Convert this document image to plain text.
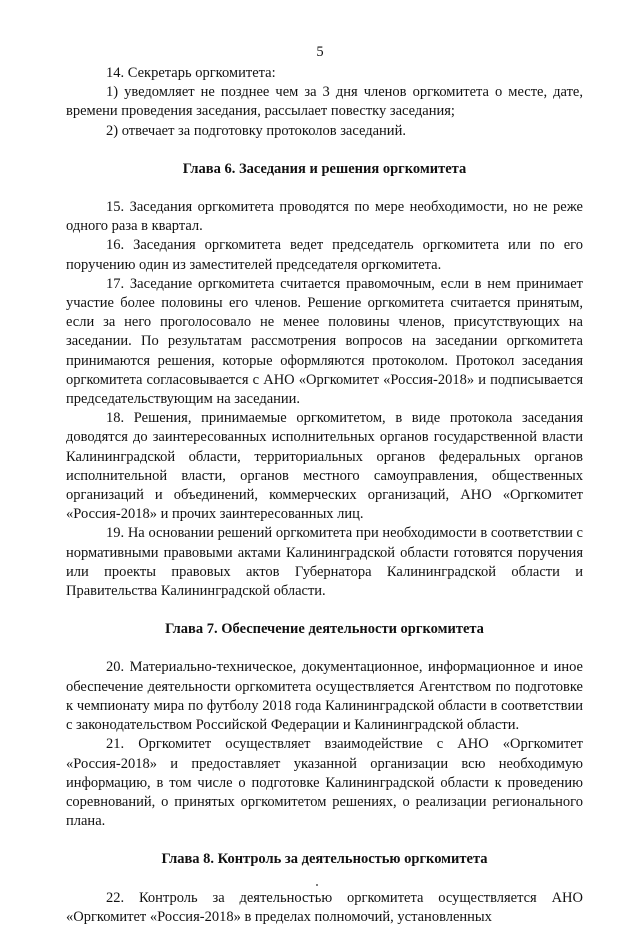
5

14. Секретарь оргкомитета:

1) уведомляет не позднее чем за 3 дня членов оргкомитета о месте, дате, времени проведения заседания, рассылает повестку заседания;

2) отвечает за подготовку протоколов заседаний.

Глава 6. Заседания и решения оргкомитета

15. Заседания оргкомитета проводятся по мере необходимости, но не реже одного раза в квартал.

16. Заседания оргкомитета ведет председатель оргкомитета или по его поручению один из заместителей председателя оргкомитета.

17. Заседание оргкомитета считается правомочным, если в нем принимает участие более половины его членов. Решение оргкомитета считается принятым, если за него проголосовало не менее половины членов, присутствующих на заседании. По результатам рассмотрения вопросов на заседании оргкомитета принимаются решения, которые оформляются протоколом. Протокол заседания оргкомитета согласовывается с АНО «Оргкомитет «Россия-2018» и подписывается председательствующим на заседании.

18. Решения, принимаемые оргкомитетом, в виде протокола заседания доводятся до заинтересованных исполнительных органов государственной власти Калининградской области, территориальных органов федеральных органов исполнительной власти, органов местного самоуправления, общественных организаций и объединений, коммерческих организаций, АНО «Оргкомитет «Россия-2018» и прочих заинтересованных лиц.

19. На основании решений оргкомитета при необходимости в соответствии с нормативными правовыми актами Калининградской области готовятся поручения или проекты правовых актов Губернатора Калининградской области и Правительства Калининградской области.

Глава 7. Обеспечение деятельности оргкомитета

20. Материально-техническое, документационное, информационное и иное обеспечение деятельности оргкомитета осуществляется Агентством по подготовке к чемпионату мира по футболу 2018 года Калининградской области в соответствии с законодательством Российской Федерации и Калининградской области.

21. Оргкомитет осуществляет взаимодействие с АНО «Оргкомитет «Россия-2018» и предоставляет указанной организации всю необходимую информацию, в том числе о подготовке Калининградской области к проведению соревнований, о принятых оргкомитетом решениях, о реализации регионального плана.

Глава 8. Контроль за деятельностью оргкомитета

22. Контроль за деятельностью оргкомитета осуществляется АНО «Оргкомитет «Россия-2018» в пределах полномочий, установленных
